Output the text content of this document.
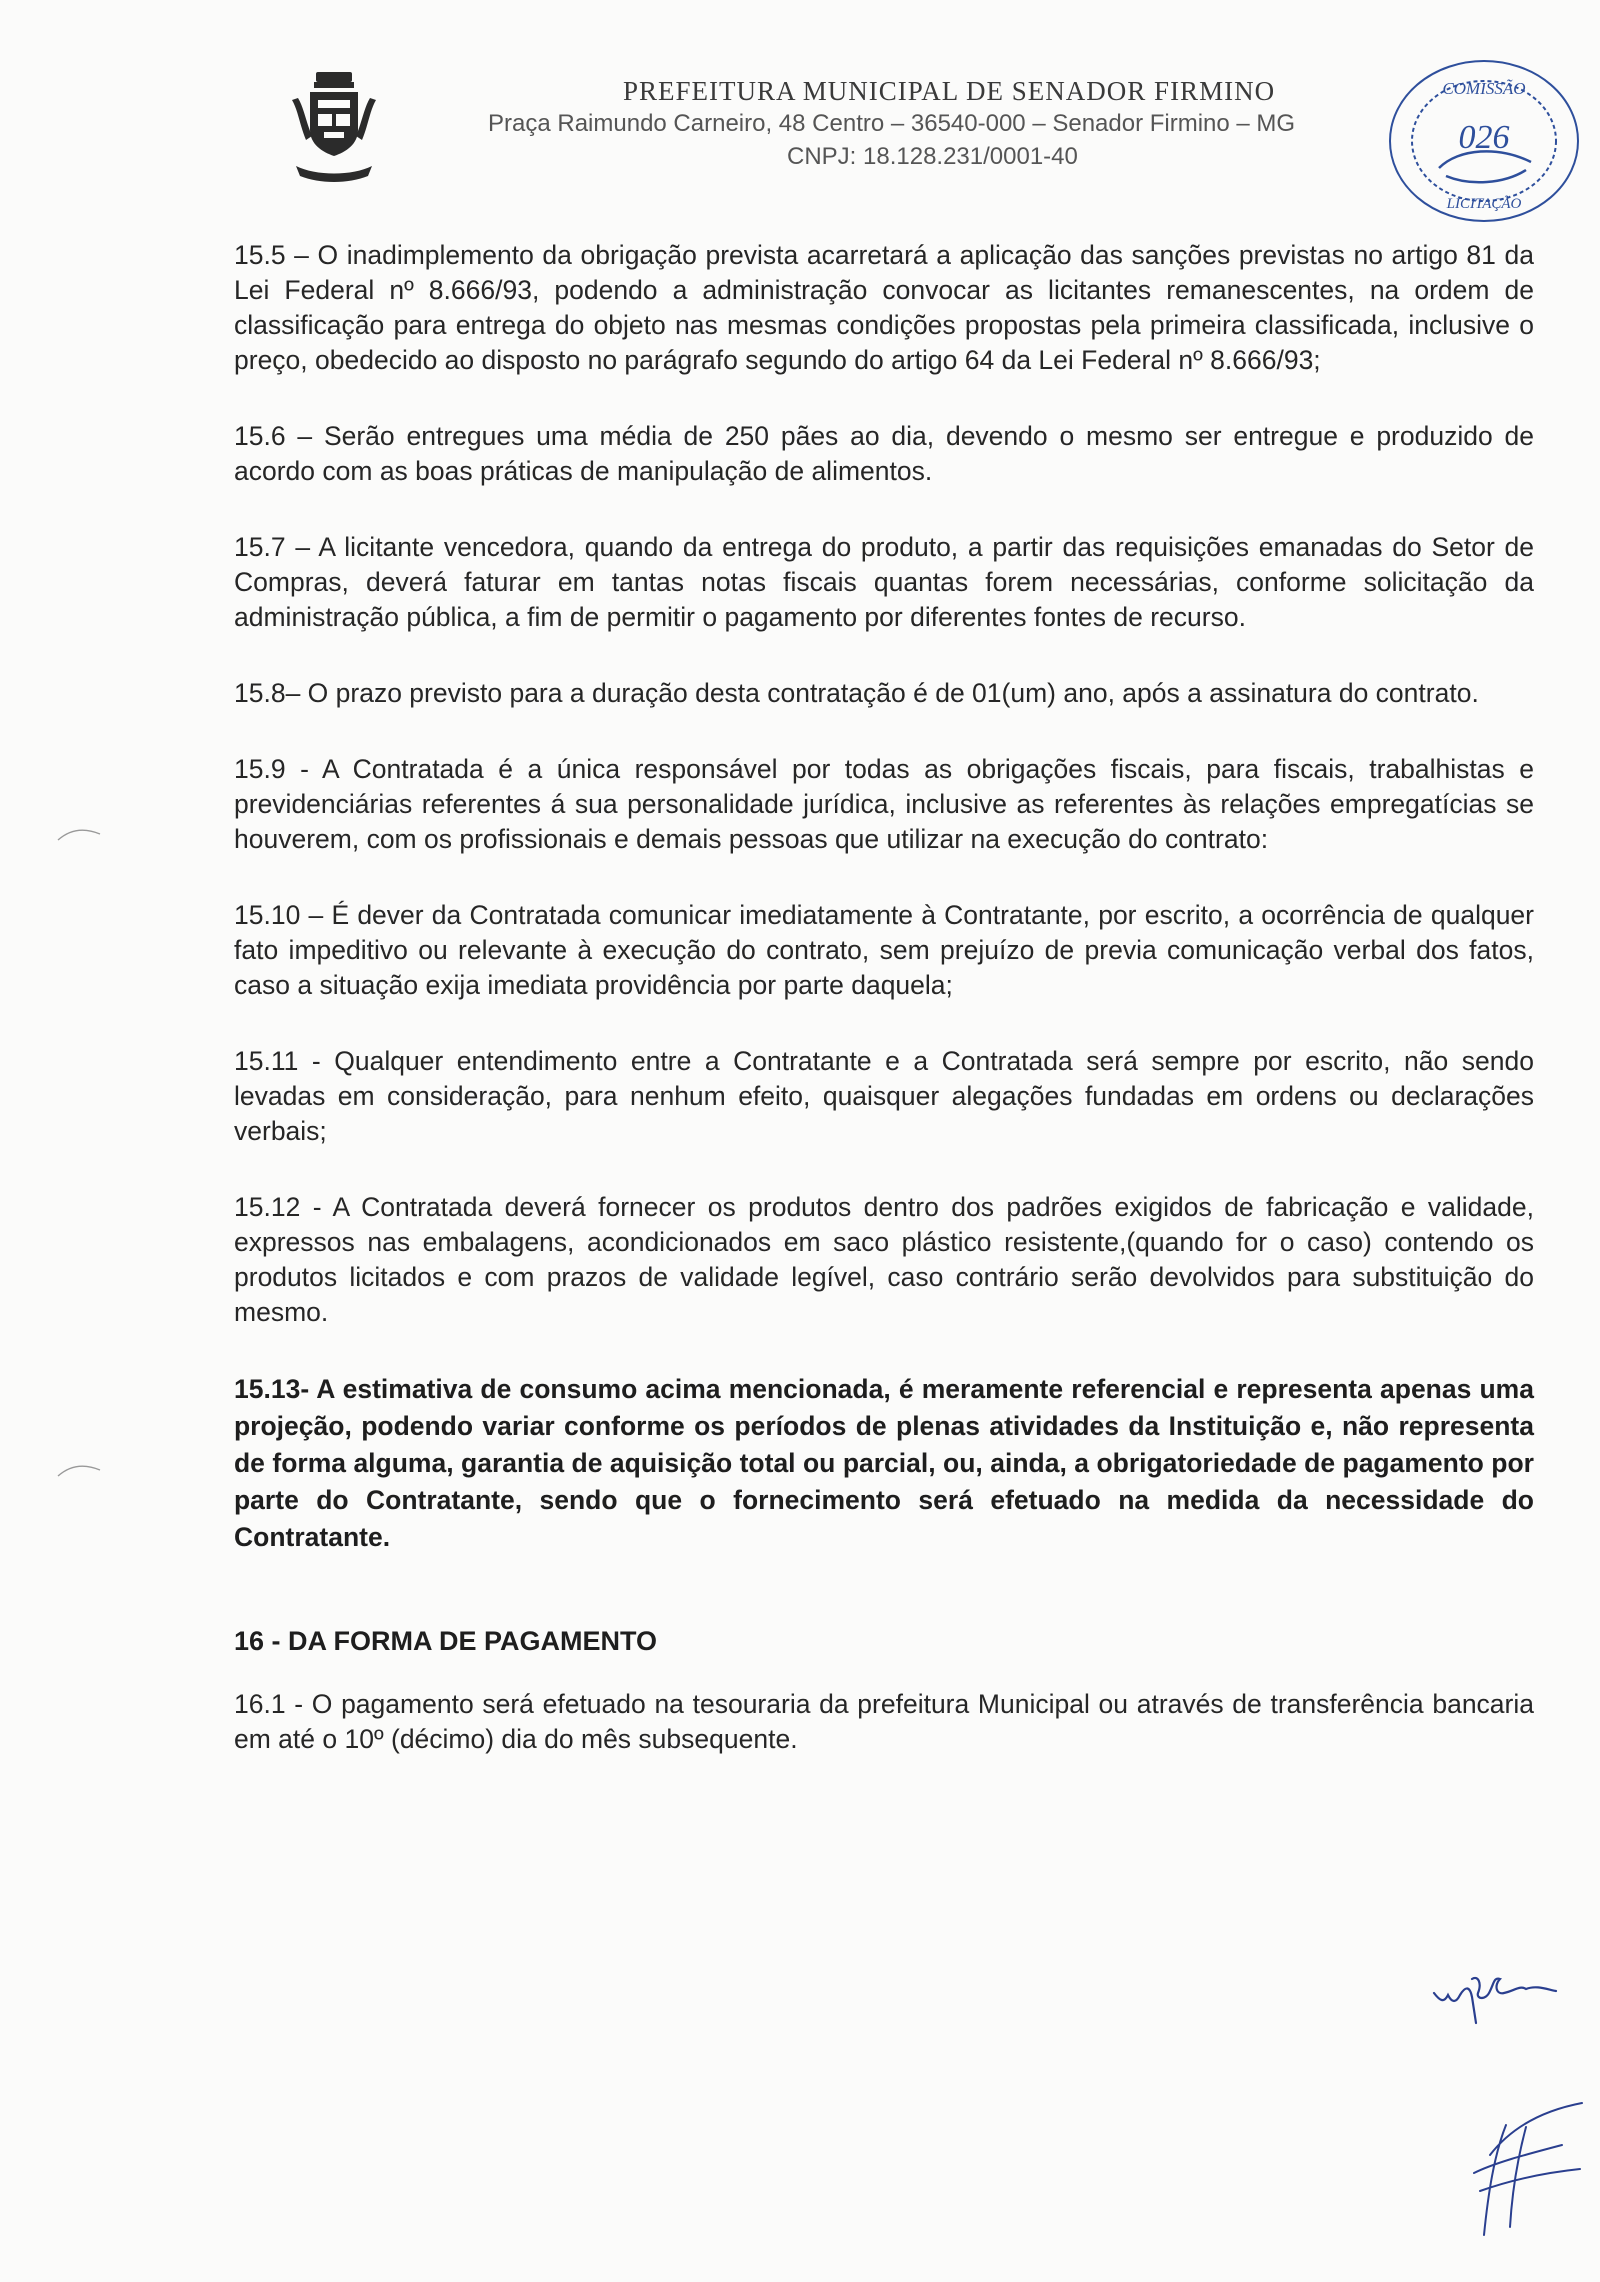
PREFEITURA MUNICIPAL DE SENADOR FIRMINO
Praça Raimundo Carneiro, 48 Centro – 36540-000 – Senador Firmino – MG
CNPJ: 18.128.231/0001-40
COMISSÃO
026
LICITAÇÃO

15.5 – O inadimplemento da obrigação prevista acarretará a aplicação das sanções previstas no artigo 81 da Lei Federal nº 8.666/93, podendo a administração convocar as licitantes remanescentes, na ordem de classificação para entrega do objeto nas mesmas condições propostas pela primeira classificada, inclusive o preço, obedecido ao disposto no parágrafo segundo do artigo 64 da Lei Federal nº 8.666/93;

15.6 – Serão entregues uma média de 250 pães ao dia, devendo o mesmo ser entregue e produzido de acordo com as boas práticas de manipulação de alimentos.

15.7 – A licitante vencedora, quando da entrega do produto, a partir das requisições emanadas do Setor de Compras, deverá faturar em tantas notas fiscais quantas forem necessárias, conforme solicitação da administração pública, a fim de permitir o pagamento por diferentes fontes de recurso.

15.8– O prazo previsto para a duração desta contratação é de 01(um) ano, após a assinatura do contrato.

15.9 - A Contratada é a única responsável por todas as obrigações fiscais, para fiscais, trabalhistas e previdenciárias referentes á sua personalidade jurídica, inclusive as referentes às relações empregatícias se houverem, com os profissionais e demais pessoas que utilizar na execução do contrato:

15.10 – É dever da Contratada comunicar imediatamente à Contratante, por escrito, a ocorrência de qualquer fato impeditivo ou relevante à execução do contrato, sem prejuízo de previa comunicação verbal dos fatos, caso a situação exija imediata providência por parte daquela;

15.11 - Qualquer entendimento entre a Contratante e a Contratada será sempre por escrito, não sendo levadas em consideração, para nenhum efeito, quaisquer alegações fundadas em ordens ou declarações verbais;

15.12 - A Contratada deverá fornecer os produtos dentro dos padrões exigidos de fabricação e validade, expressos nas embalagens, acondicionados em saco plástico resistente,(quando for o caso) contendo os produtos licitados e com prazos de validade legível, caso contrário serão devolvidos para substituição do mesmo.

15.13- A estimativa de consumo acima mencionada, é meramente referencial e representa apenas uma projeção, podendo variar conforme os períodos de plenas atividades da Instituição e, não representa de forma alguma, garantia de aquisição total ou parcial, ou, ainda, a obrigatoriedade de pagamento por parte do Contratante, sendo que o fornecimento será efetuado na medida da necessidade do Contratante.

16 - DA FORMA DE PAGAMENTO

16.1 - O pagamento será efetuado na tesouraria da prefeitura Municipal ou através de transferência bancaria em até o 10º (décimo) dia do mês subsequente.
